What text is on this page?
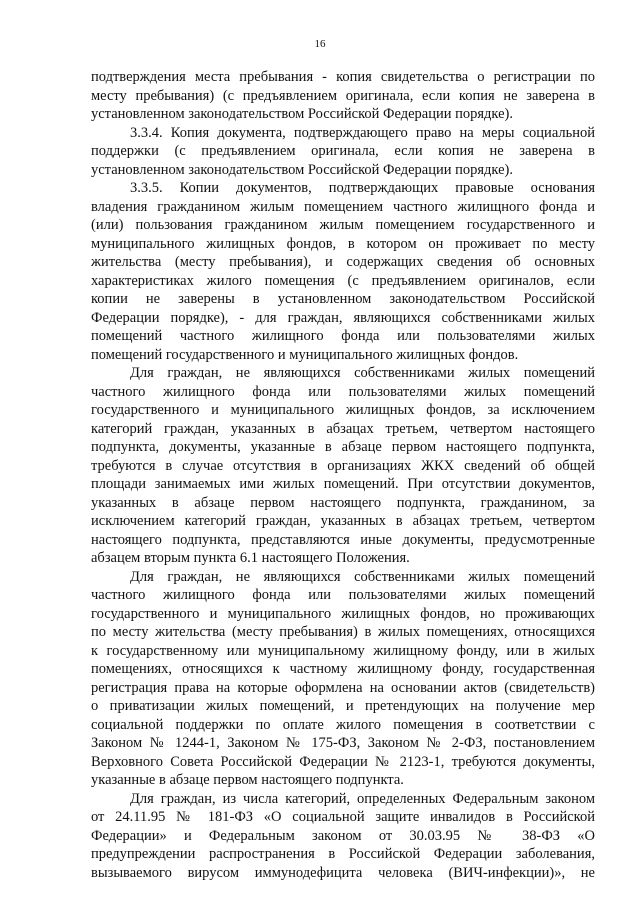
16
подтверждения места пребывания - копия свидетельства о регистрации по
месту пребывания) (с предъявлением оригинала, если копия не заверена в
установленном законодательством Российской Федерации порядке).
3.3.4. Копия документа, подтверждающего право на меры социальной
поддержки (с предъявлением оригинала, если копия не заверена в
установленном законодательством Российской Федерации порядке).
3.3.5. Копии документов, подтверждающих правовые основания
владения гражданином жилым помещением частного жилищного фонда и
(или) пользования гражданином жилым помещением государственного и
муниципального жилищных фондов, в котором он проживает по месту
жительства (месту пребывания), и содержащих сведения об основных
характеристиках жилого помещения (с предъявлением оригиналов, если
копии не заверены в установленном законодательством Российской
Федерации порядке), - для граждан, являющихся собственниками жилых
помещений частного жилищного фонда или пользователями жилых
помещений государственного и муниципального жилищных фондов.
Для граждан, не являющихся собственниками жилых помещений
частного жилищного фонда или пользователями жилых помещений
государственного и муниципального жилищных фондов, за исключением
категорий граждан, указанных в абзацах третьем, четвертом настоящего
подпункта, документы, указанные в абзаце первом настоящего подпункта,
требуются в случае отсутствия в организациях ЖКХ сведений об общей
площади занимаемых ими жилых помещений. При отсутствии документов,
указанных в абзаце первом настоящего подпункта, гражданином, за
исключением категорий граждан, указанных в абзацах третьем, четвертом
настоящего подпункта, представляются иные документы, предусмотренные
абзацем вторым пункта 6.1 настоящего Положения.
Для граждан, не являющихся собственниками жилых помещений
частного жилищного фонда или пользователями жилых помещений
государственного и муниципального жилищных фондов, но проживающих
по месту жительства (месту пребывания) в жилых помещениях, относящихся
к государственному или муниципальному жилищному фонду, или в жилых
помещениях, относящихся к частному жилищному фонду, государственная
регистрация права на которые оформлена на основании актов (свидетельств)
о приватизации жилых помещений, и претендующих на получение мер
социальной поддержки по оплате жилого помещения в соответствии с
Законом № 1244-1, Законом № 175-ФЗ, Законом № 2-ФЗ, постановлением
Верховного Совета Российской Федерации № 2123-1, требуются документы,
указанные в абзаце первом настоящего подпункта.
Для граждан, из числа категорий, определенных Федеральным законом
от 24.11.95 № 181-ФЗ «О социальной защите инвалидов в Российской
Федерации» и Федеральным законом от 30.03.95 № 38-ФЗ «О
предупреждении распространения в Российской Федерации заболевания,
вызываемого вирусом иммунодефицита человека (ВИЧ-инфекции)», не
